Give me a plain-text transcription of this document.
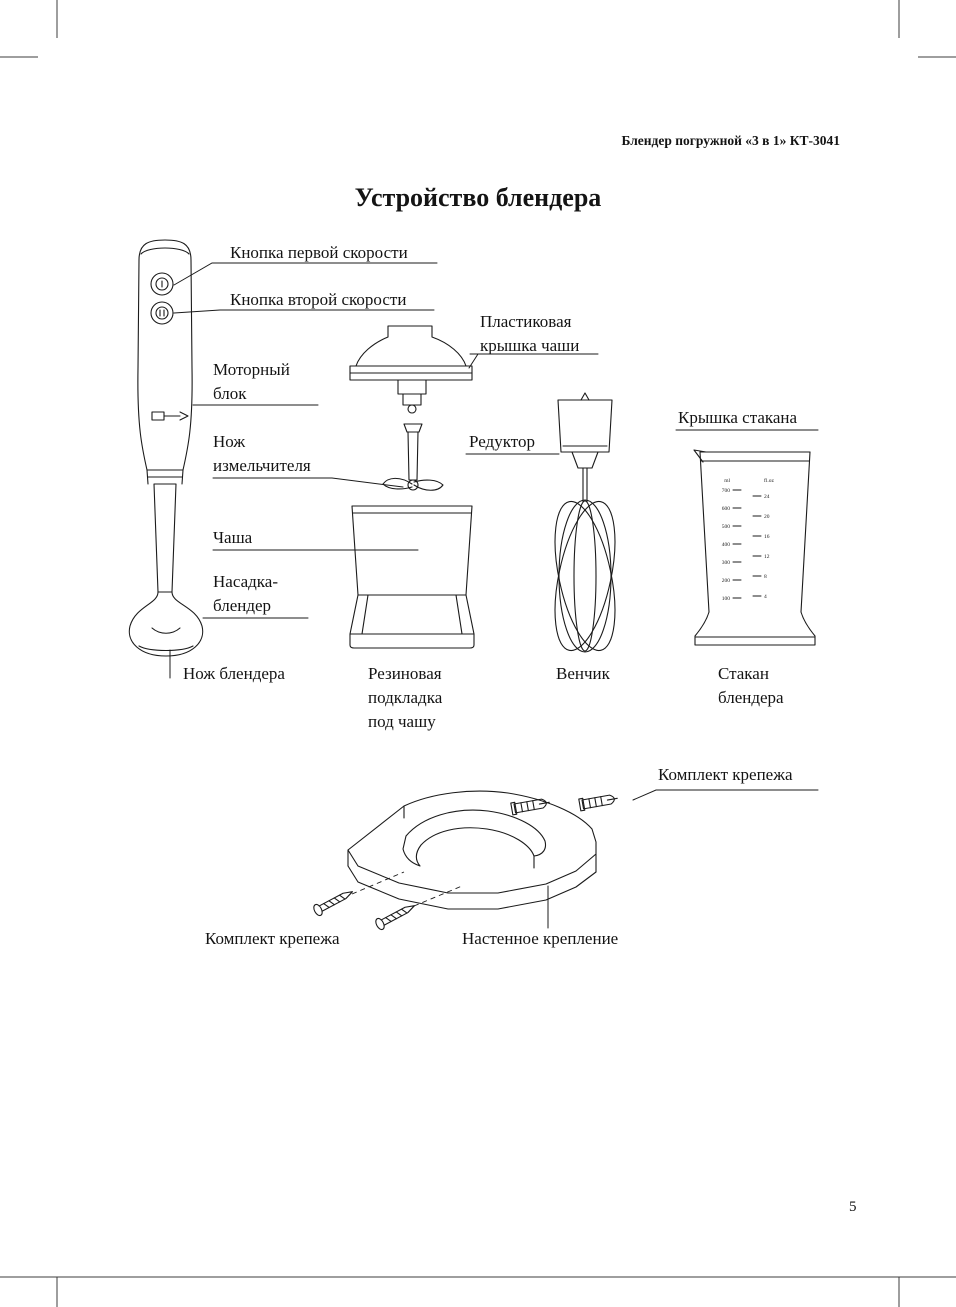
ml	fl.oz
700
600
500
400
300
200
100
24
20
16
12
8
4
Блендер погружной «3 в 1» КТ-3041
Устройство блендера
Кнопка первой скорости
Кнопка второй скорости
Пластиковая
крышка чаши
Моторный
блок
Крышка стакана
Нож
измельчителя
Редуктор
Чаша
Насадка-
блендер
Нож блендера	Резиновая
подкладка
под чашу
Венчик	Стакан
блендера
Комплект крепежа
Комплект крепежа	Настенное крепление
5
